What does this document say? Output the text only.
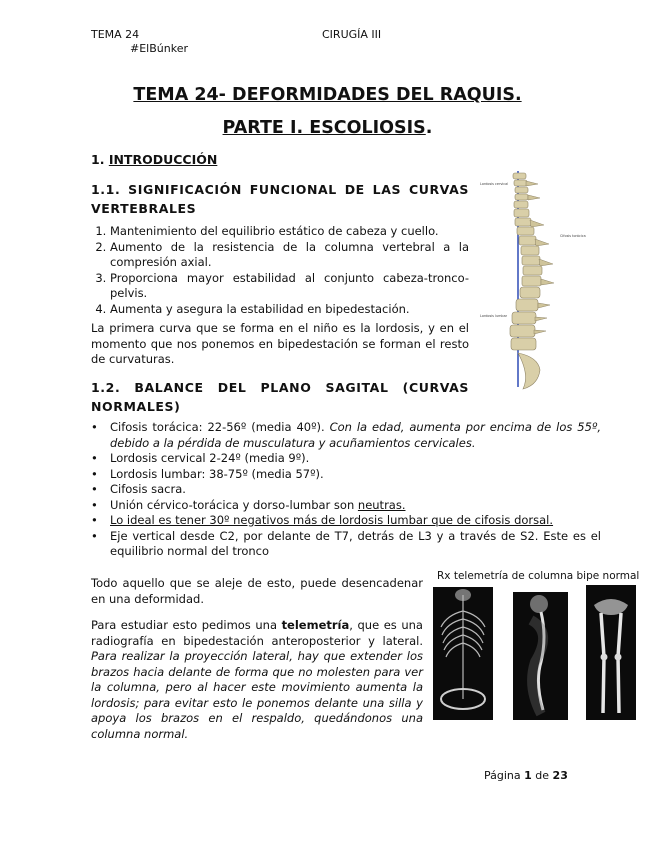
TEMA 24	CIRUGÍA III
#ElBúnker
TEMA 24- DEFORMIDADES DEL RAQUIS.
PARTE I. ESCOLIOSIS.
1. INTRODUCCIÓN
1.1. SIGNIFICACIÓN FUNCIONAL DE LAS CURVAS VERTEBRALES
1. Mantenimiento del equilibrio estático de cabeza y cuello.
2. Aumento de la resistencia de la columna vertebral a la compresión axial.
3. Proporciona mayor estabilidad al conjunto cabeza-tronco-pelvis.
4. Aumenta y asegura la estabilidad en bipedestación.
La primera curva que se forma en el niño es la lordosis, y en el momento que nos ponemos en bipedestación se forman el resto de curvaturas.
Lordosis cervical
Cifosis torácica
Lordosis lumbar
1.2. BALANCE DEL PLANO SAGITAL (CURVAS NORMALES)
• Cifosis torácica: 22-56º (media 40º). Con la edad, aumenta por encima de los 55º, debido a la pérdida de musculatura y acuñamientos cervicales.
• Lordosis cervical 2-24º (media 9º).
• Lordosis lumbar: 38-75º (media 57º).
• Cifosis sacra.
• Unión cérvico-torácica y dorso-lumbar son neutras.
• Lo ideal es tener 30º negativos más de lordosis lumbar que de cifosis dorsal.
• Eje vertical desde C2, por delante de T7, detrás de L3 y a través de S2. Este es el equilibrio normal del tronco
Todo aquello que se aleje de esto, puede desencadenar en una deformidad.
Para estudiar esto pedimos una telemetría, que es una radiografía en bipedestación anteroposterior y lateral. Para realizar la proyección lateral, hay que extender los brazos hacia delante de forma que no molesten para ver la columna, pero al hacer este movimiento aumenta la lordosis; para evitar esto le ponemos delante una silla y apoya los brazos en el respaldo, quedándonos una columna normal.
Rx telemetría de columna bipe normal
Página 1 de 23
